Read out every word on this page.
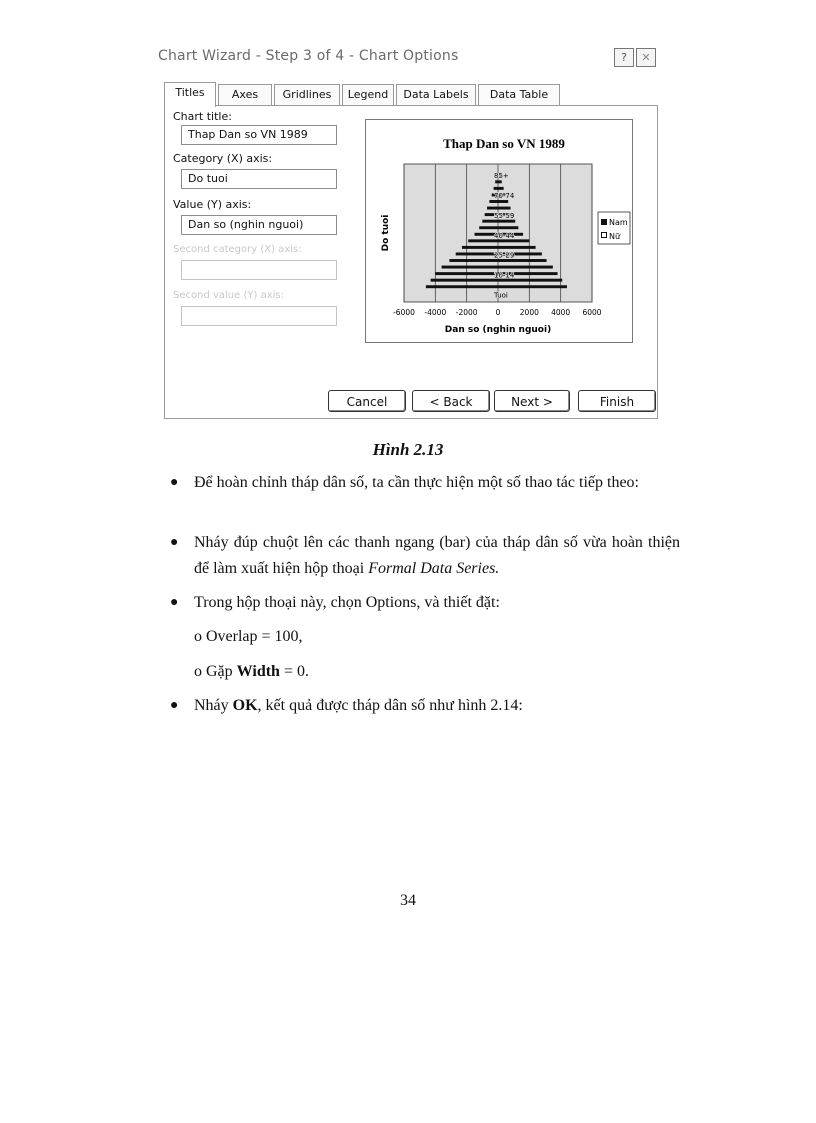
Chart Wizard - Step 3 of 4 - Chart Options	?	✕
Titles	Axes	Gridlines	Legend	Data Labels	Data Table
Chart title:
Thap Dan so VN 1989
Category (X) axis:
Do tuoi
Value (Y) axis:
Dan so (nghin nguoi)
Second category (X) axis:
Second value (Y) axis:
Thap Dan so VN 1989
85+
70-74
55-59
40-44
25-29
10-14
Tuoi
-6000 -4000 -2000 0	2000 4000 6000
Dan so (nghin nguoi)
Do tuoi	Nam
Nữ
Cancel	< Back	Next >	Finish
Hình 2.13
● Để hoàn chỉnh tháp dân số, ta cần thực hiện một số thao tác tiếp theo:
● Nháy đúp chuột lên các thanh ngang (bar) của tháp dân số vừa hoàn thiện để làm xuất hiện hộp thoại Formal Data Series.
● Trong hộp thoại này, chọn Options, và thiết đặt:
o Overlap = 100,
o Gặp Width = 0.
● Nháy OK, kết quả được tháp dân số như hình 2.14:
34
